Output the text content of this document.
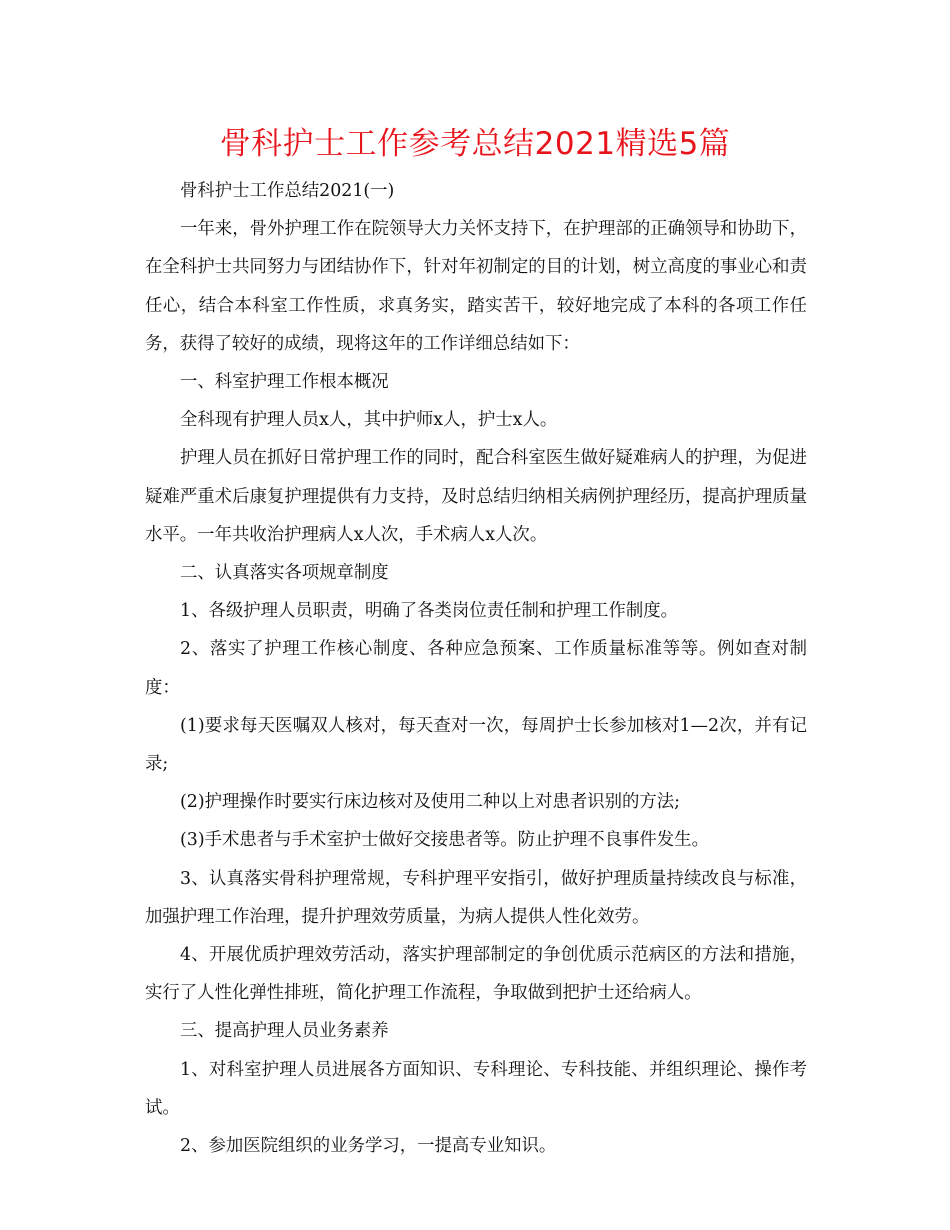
骨科护士工作参考总结2021精选5篇

骨科护士工作总结2021(一)

一年来，骨外护理工作在院领导大力关怀支持下，在护理部的正确领导和协助下，在全科护士共同努力与团结协作下，针对年初制定的目的计划，树立高度的事业心和责任心，结合本科室工作性质，求真务实，踏实苦干，较好地完成了本科的各项工作任务，获得了较好的成绩，现将这年的工作详细总结如下：

一、科室护理工作根本概况

全科现有护理人员x人，其中护师x人，护士x人。

护理人员在抓好日常护理工作的同时，配合科室医生做好疑难病人的护理，为促进疑难严重术后康复护理提供有力支持，及时总结归纳相关病例护理经历，提高护理质量水平。一年共收治护理病人x人次，手术病人x人次。

二、认真落实各项规章制度

1、各级护理人员职责，明确了各类岗位责任制和护理工作制度。

2、落实了护理工作核心制度、各种应急预案、工作质量标准等等。例如查对制度：

(1)要求每天医嘱双人核对，每天查对一次，每周护士长参加核对1—2次，并有记录;

(2)护理操作时要实行床边核对及使用二种以上对患者识别的方法;

(3)手术患者与手术室护士做好交接患者等。防止护理不良事件发生。

3、认真落实骨科护理常规，专科护理平安指引，做好护理质量持续改良与标准，加强护理工作治理，提升护理效劳质量，为病人提供人性化效劳。

4、开展优质护理效劳活动，落实护理部制定的争创优质示范病区的方法和措施，实行了人性化弹性排班，简化护理工作流程，争取做到把护士还给病人。

三、提高护理人员业务素养

1、对科室护理人员进展各方面知识、专科理论、专科技能、并组织理论、操作考试。

2、参加医院组织的业务学习，一提高专业知识。
